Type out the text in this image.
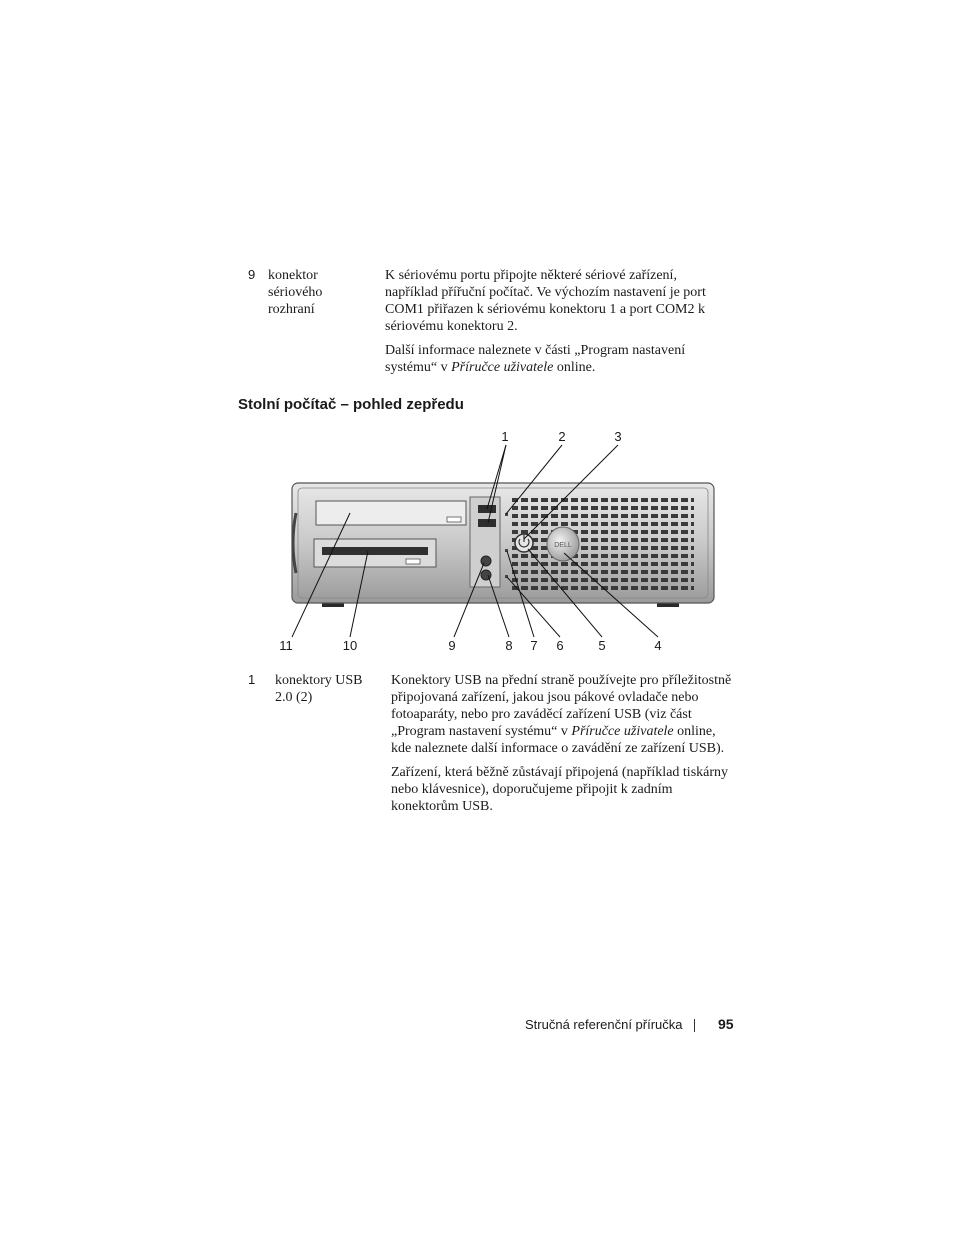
9 konektor
sériového
rozhraní

K sériovému portu připojte některé sériové zařízení, například přířuční počítač. Ve výchozím nastavení je port COM1 přiřazen k sériovému konektoru 1 a port COM2 k sériovému konektoru 2.

Další informace naleznete v části „Program nastavení systému“ v Příručce uživatele online.

Stolní počítač – pohled zepředu
DELL
1	2	3
11	10	9	8	7	6	5	4
1 konektory USB
2.0 (2)

Konektory USB na přední straně používejte pro příležitostně připojovaná zařízení, jakou jsou pákové ovladače nebo fotoaparáty, nebo pro zaváděcí zařízení USB (viz část „Program nastavení systému“ v Příručce uživatele online, kde naleznete další informace o zavádění ze zařízení USB).

Zařízení, která běžně zůstávají připojená (například tiskárny nebo klávesnice), doporučujeme připojit k zadním konektorům USB.

Stručná referenční příručka	95
